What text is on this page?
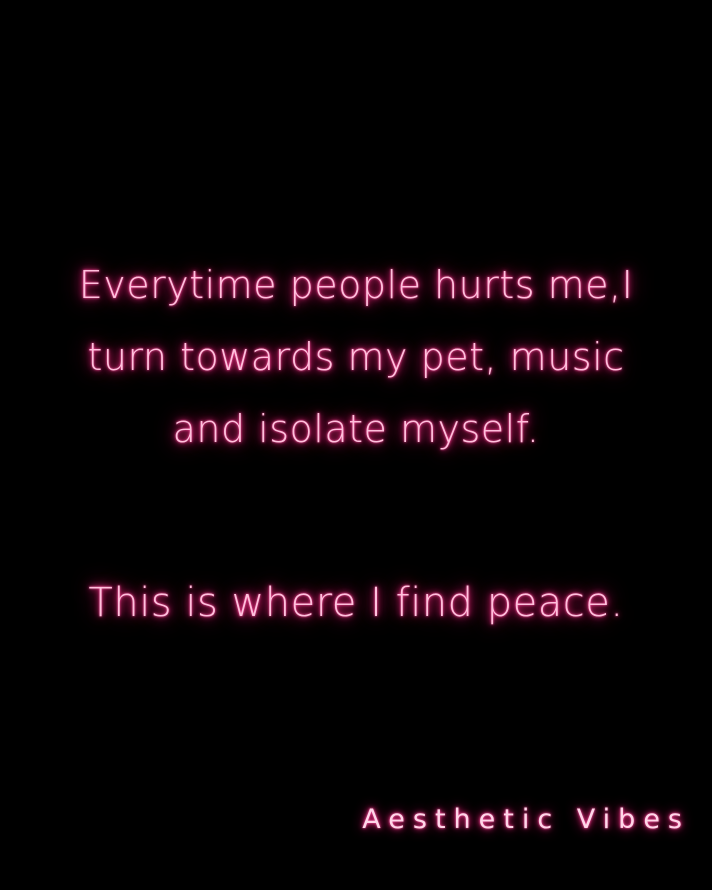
Everytime people hurts me,I
turn towards my pet, music
and isolate myself.
This is where I find peace.
Aesthetic Vibes
